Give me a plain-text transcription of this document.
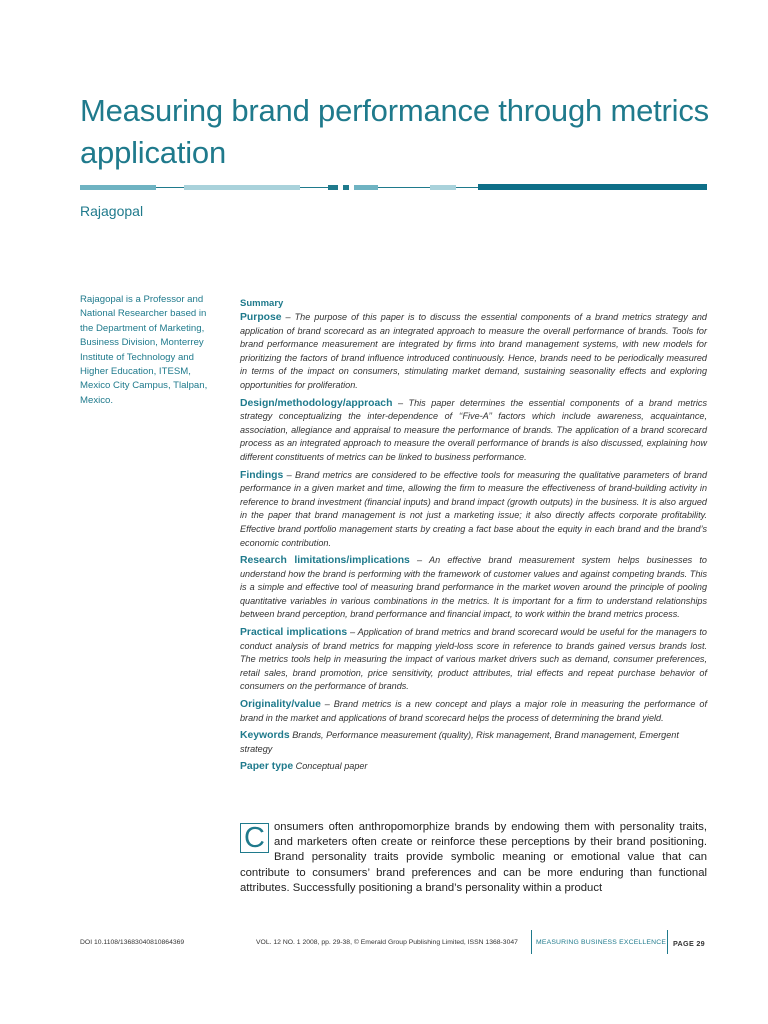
Measuring brand performance through metrics application

Rajagopal

Rajagopal is a Professor and National Researcher based in the Department of Marketing, Business Division, Monterrey Institute of Technology and Higher Education, ITESM, Mexico City Campus, Tlalpan, Mexico.

Summary

Purpose – The purpose of this paper is to discuss the essential components of a brand metrics strategy and application of brand scorecard as an integrated approach to measure the overall performance of brands. Tools for brand performance measurement are integrated by firms into brand management systems, with new models for prioritizing the factors of brand influence introduced continuously. Hence, brands need to be periodically measured in terms of the impact on consumers, stimulating market demand, sustaining seasonality effects and exploring opportunities for proliferation.

Design/methodology/approach – This paper determines the essential components of a brand metrics strategy conceptualizing the inter-dependence of ‘‘Five-A’’ factors which include awareness, acquaintance, association, allegiance and appraisal to measure the performance of brands. The application of a brand scorecard process as an integrated approach to measure the overall performance of brands is also discussed, explaining how different constituents of metrics can be linked to business performance.

Findings – Brand metrics are considered to be effective tools for measuring the qualitative parameters of brand performance in a given market and time, allowing the firm to measure the effectiveness of brand-building activity in reference to brand investment (financial inputs) and brand impact (growth outputs) in the business. It is also argued in the paper that brand management is not just a marketing issue; it also directly affects corporate profitability. Effective brand portfolio management starts by creating a fact base about the equity in each brand and the brand’s economic contribution.

Research limitations/implications – An effective brand measurement system helps businesses to understand how the brand is performing with the framework of customer values and against competing brands. This is a simple and effective tool of measuring brand performance in the market woven around the principle of pooling quantitative variables in various combinations in the metrics. It is important for a firm to understand relationships between brand perception, brand performance and financial impact, to work within the brand metrics process.

Practical implications – Application of brand metrics and brand scorecard would be useful for the managers to conduct analysis of brand metrics for mapping yield-loss score in reference to brands gained versus brands lost. The metrics tools help in measuring the impact of various market drivers such as demand, consumer preferences, retail sales, brand promotion, price sensitivity, product attributes, trial effects and repeat purchase behavior of consumers on the performance of brands.

Originality/value – Brand metrics is a new concept and plays a major role in measuring the performance of brand in the market and applications of brand scorecard helps the process of determining the brand yield.

Keywords Brands, Performance measurement (quality), Risk management, Brand management, Emergent strategy

Paper type Conceptual paper

C onsumers often anthropomorphize brands by endowing them with personality traits, and marketers often create or reinforce these perceptions by their brand positioning. Brand personality traits provide symbolic meaning or emotional value that can contribute to consumers’ brand preferences and can be more enduring than functional attributes. Successfully positioning a brand’s personality within a product

DOI 10.1108/13683040810864369	VOL. 12 NO. 1 2008, pp. 29-38, © Emerald Group Publishing Limited, ISSN 1368-3047	MEASURING BUSINESS EXCELLENCE PAGE 29
